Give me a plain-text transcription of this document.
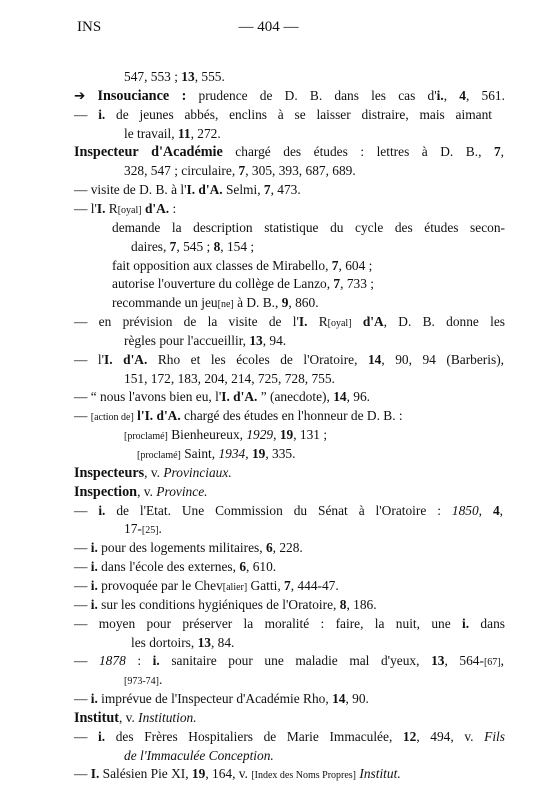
INS	— 404 —
547, 553 ; 13, 555.
➔ Insouciance : prudence de D. B. dans les cas d'i., 4, 561.
— i. de jeunes abbés, enclins à se laisser distraire, mais aimant
le travail, 11, 272.
Inspecteur d'Académie chargé des études : lettres à D. B., 7,
328, 547 ; circulaire, 7, 305, 393, 687, 689.
— visite de D. B. à l'I. d'A. Selmi, 7, 473.
— l'I. R[oyal] d'A. :
demande la description statistique du cycle des études secon-
daires, 7, 545 ; 8, 154 ;
fait opposition aux classes de Mirabello, 7, 604 ;
autorise l'ouverture du collège de Lanzo, 7, 733 ;
recommande un jeu[ne] à D. B., 9, 860.
— en prévision de la visite de l'I. R[oyal] d'A, D. B. donne les
règles pour l'accueillir, 13, 94.
— l'I. d'A. Rho et les écoles de l'Oratoire, 14, 90, 94 (Barberis),
151, 172, 183, 204, 214, 725, 728, 755.
— “ nous l'avons bien eu, l'I. d'A. ” (anecdote), 14, 96.
— [action de] l'I. d'A. chargé des études en l'honneur de D. B. :
[proclamé] Bienheureux, 1929, 19, 131 ;
[proclamé] Saint, 1934, 19, 335.
Inspecteurs, v. Provinciaux.
Inspection, v. Province.
— i. de l'Etat. Une Commission du Sénat à l'Oratoire : 1850, 4,
17-[25].
— i. pour des logements militaires, 6, 228.
— i. dans l'école des externes, 6, 610.
— i. provoquée par le Chev[alier] Gatti, 7, 444-47.
— i. sur les conditions hygiéniques de l'Oratoire, 8, 186.
— moyen pour préserver la moralité : faire, la nuit, une i. dans
les dortoirs, 13, 84.
— 1878 : i. sanitaire pour une maladie mal d'yeux, 13, 564-[67],
[973-74].
— i. imprévue de l'Inspecteur d'Académie Rho, 14, 90.
Institut, v. Institution.
— i. des Frères Hospitaliers de Marie Immaculée, 12, 494, v. Fils
de l'Immaculée Conception.
— I. Salésien Pie XI, 19, 164, v. [Index des Noms Propres] Institut.
